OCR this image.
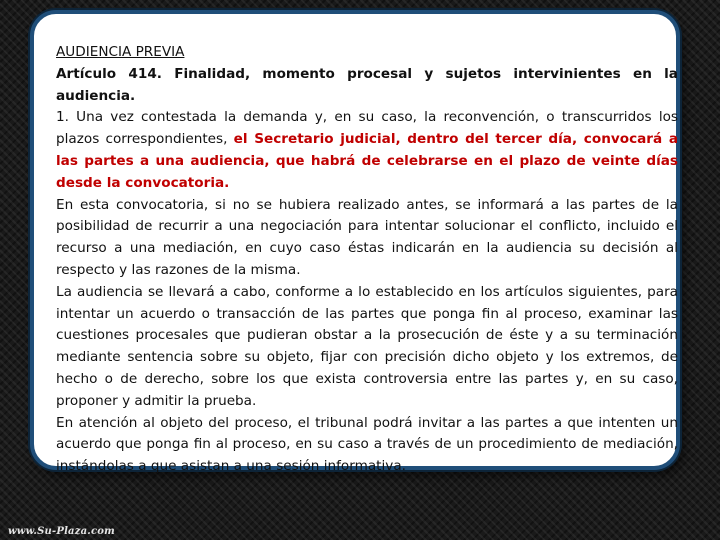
AUDIENCIA PREVIA

Artículo 414. Finalidad, momento procesal y sujetos intervinientes en la audiencia.

1. Una vez contestada la demanda y, en su caso, la reconvención, o transcurridos los plazos correspondientes, el Secretario judicial, dentro del tercer día, convocará a las partes a una audiencia, que habrá de celebrarse en el plazo de veinte días desde la convocatoria.

En esta convocatoria, si no se hubiera realizado antes, se informará a las partes de la posibilidad de recurrir a una negociación para intentar solucionar el conflicto, incluido el recurso a una mediación, en cuyo caso éstas indicarán en la audiencia su decisión al respecto y las razones de la misma.

La audiencia se llevará a cabo, conforme a lo establecido en los artículos siguientes, para intentar un acuerdo o transacción de las partes que ponga fin al proceso, examinar las cuestiones procesales que pudieran obstar a la prosecución de éste y a su terminación mediante sentencia sobre su objeto, fijar con precisión dicho objeto y los extremos, de hecho o de derecho, sobre los que exista controversia entre las partes y, en su caso, proponer y admitir la prueba.

En atención al objeto del proceso, el tribunal podrá invitar a las partes a que intenten un acuerdo que ponga fin al proceso, en su caso a través de un procedimiento de mediación, instándolas a que asistan a una sesión informativa.

www.Su-Plaza.com
